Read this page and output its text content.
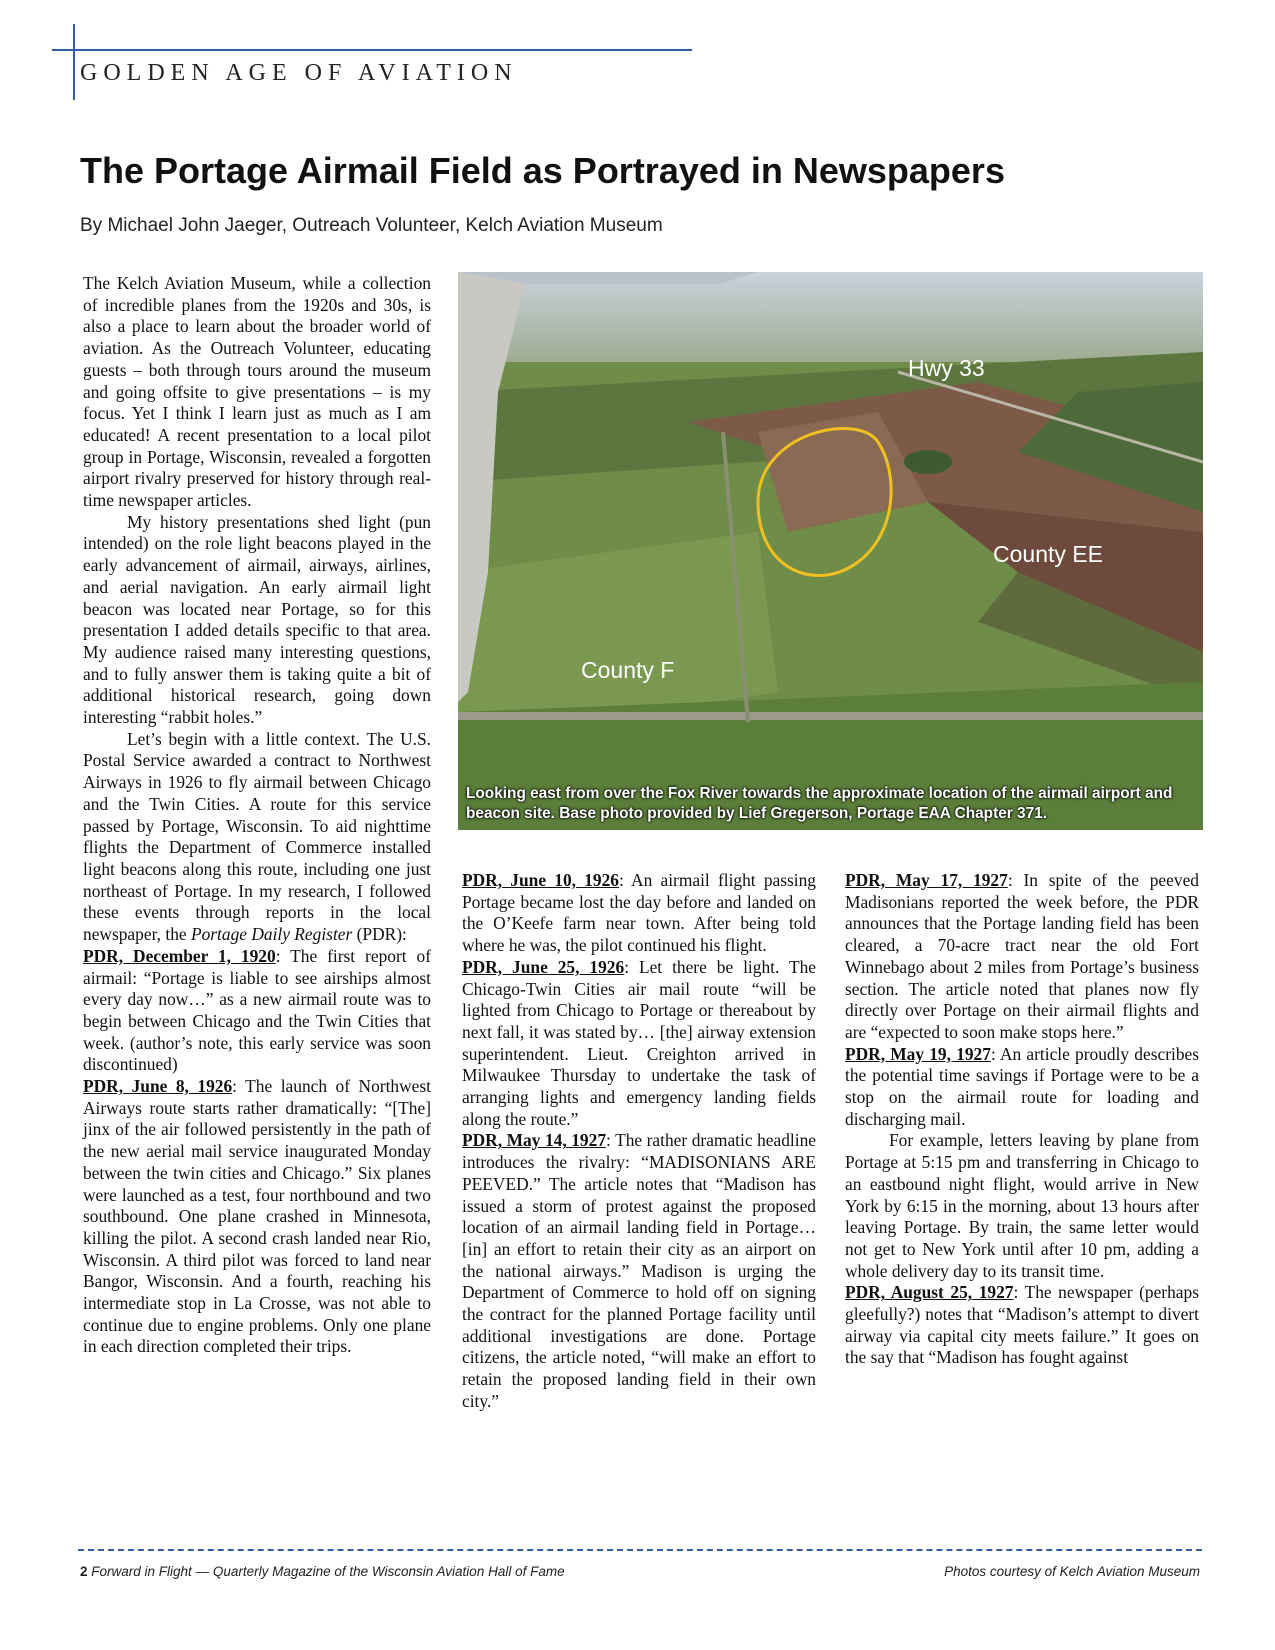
GOLDEN AGE OF AVIATION
The Portage Airmail Field as Portrayed in Newspapers
By Michael John Jaeger, Outreach Volunteer, Kelch Aviation Museum

The Kelch Aviation Museum, while a collection of incredible planes from the 1920s and 30s, is also a place to learn about the broader world of aviation. As the Outreach Volunteer, educating guests – both through tours around the museum and going offsite to give presentations – is my focus. Yet I think I learn just as much as I am educated! A recent presentation to a local pilot group in Portage, Wisconsin, revealed a forgotten airport rivalry preserved for history through real-time newspaper articles.

My history presentations shed light (pun intended) on the role light beacons played in the early advancement of airmail, airways, airlines, and aerial navigation. An early airmail light beacon was located near Portage, so for this presentation I added details specific to that area. My audience raised many interesting questions, and to fully answer them is taking quite a bit of additional historical research, going down interesting “rabbit holes.”

Let’s begin with a little context. The U.S. Postal Service awarded a contract to Northwest Airways in 1926 to fly airmail between Chicago and the Twin Cities. A route for this service passed by Portage, Wisconsin. To aid nighttime flights the Department of Commerce installed light beacons along this route, including one just northeast of Portage. In my research, I followed these events through reports in the local newspaper, the Portage Daily Register (PDR):

PDR, December 1, 1920: The first report of airmail: “Portage is liable to see airships almost every day now…” as a new airmail route was to begin between Chicago and the Twin Cities that week. (author’s note, this early service was soon discontinued)

PDR, June 8, 1926: The launch of Northwest Airways route starts rather dramatically: “[The] jinx of the air followed persistently in the path of the new aerial mail service inaugurated Monday between the twin cities and Chicago.” Six planes were launched as a test, four northbound and two southbound. One plane crashed in Minnesota, killing the pilot. A second crash landed near Rio, Wisconsin. A third pilot was forced to land near Bangor, Wisconsin. And a fourth, reaching his intermediate stop in La Crosse, was not able to continue due to engine problems. Only one plane in each direction completed their trips.

Hwy 33
County EE
County F
Looking east from over the Fox River towards the approximate location of the airmail airport and beacon site. Base photo provided by Lief Gregerson, Portage EAA Chapter 371.

PDR, June 10, 1926: An airmail flight passing Portage became lost the day before and landed on the O’Keefe farm near town. After being told where he was, the pilot continued his flight.

PDR, June 25, 1926: Let there be light. The Chicago-Twin Cities air mail route “will be lighted from Chicago to Portage or thereabout by next fall, it was stated by… [the] airway extension superintendent. Lieut. Creighton arrived in Milwaukee Thursday to undertake the task of arranging lights and emergency landing fields along the route.”

PDR, May 14, 1927: The rather dramatic headline introduces the rivalry: “MADISONIANS ARE PEEVED.” The article notes that “Madison has issued a storm of protest against the proposed location of an airmail landing field in Portage…[in] an effort to retain their city as an airport on the national airways.” Madison is urging the Department of Commerce to hold off on signing the contract for the planned Portage facility until additional investigations are done. Portage citizens, the article noted, “will make an effort to retain the proposed landing field in their own city.”

PDR, May 17, 1927: In spite of the peeved Madisonians reported the week before, the PDR announces that the Portage landing field has been cleared, a 70-acre tract near the old Fort Winnebago about 2 miles from Portage’s business section. The article noted that planes now fly directly over Portage on their airmail flights and are “expected to soon make stops here.”

PDR, May 19, 1927: An article proudly describes the potential time savings if Portage were to be a stop on the airmail route for loading and discharging mail.

For example, letters leaving by plane from Portage at 5:15 pm and transferring in Chicago to an eastbound night flight, would arrive in New York by 6:15 in the morning, about 13 hours after leaving Portage. By train, the same letter would not get to New York until after 10 pm, adding a whole delivery day to its transit time.

PDR, August 25, 1927: The newspaper (perhaps gleefully?) notes that “Madison’s attempt to divert airway via capital city meets failure.” It goes on the say that “Madison has fought against

2 Forward in Flight — Quarterly Magazine of the Wisconsin Aviation Hall of Fame	Photos courtesy of Kelch Aviation Museum
